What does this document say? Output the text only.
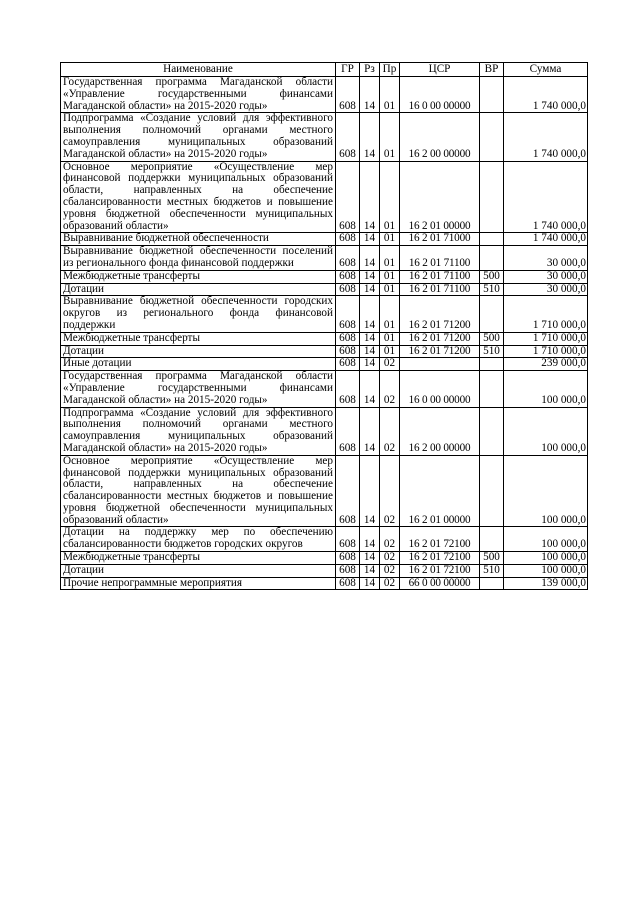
Наименование	ГР	Рз	Пр	ЦСР	ВР	Сумма
Государственная программа Магаданской области «Управление государственными финансами Магаданской области» на 2015-2020 годы»	608	14	01	16 0 00 00000		1 740 000,0
Подпрограмма «Создание условий для эффективного выполнения полномочий органами местного самоуправления муниципальных образований Магаданской области» на 2015-2020 годы»	608	14	01	16 2 00 00000		1 740 000,0
Основное мероприятие «Осуществление мер финансовой поддержки муниципальных образований области, направленных на обеспечение сбалансированности местных бюджетов и повышение уровня бюджетной обеспеченности муниципальных образований области»	608	14	01	16 2 01 00000		1 740 000,0
Выравнивание бюджетной обеспеченности	608	14	01	16 2 01 71000		1 740 000,0
Выравнивание бюджетной обеспеченности поселений из регионального фонда финансовой поддержки	608	14	01	16 2 01 71100		30 000,0
Межбюджетные трансферты	608	14	01	16 2 01 71100	500	30 000,0
Дотации	608	14	01	16 2 01 71100	510	30 000,0
Выравнивание бюджетной обеспеченности городских округов из регионального фонда финансовой поддержки	608	14	01	16 2 01 71200		1 710 000,0
Межбюджетные трансферты	608	14	01	16 2 01 71200	500	1 710 000,0
Дотации	608	14	01	16 2 01 71200	510	1 710 000,0
Иные дотации	608	14	02			239 000,0
Государственная программа Магаданской области «Управление государственными финансами Магаданской области» на 2015-2020 годы»	608	14	02	16 0 00 00000		100 000,0
Подпрограмма «Создание условий для эффективного выполнения полномочий органами местного самоуправления муниципальных образований Магаданской области» на 2015-2020 годы»	608	14	02	16 2 00 00000		100 000,0
Основное мероприятие «Осуществление мер финансовой поддержки муниципальных образований области, направленных на обеспечение сбалансированности местных бюджетов и повышение уровня бюджетной обеспеченности муниципальных образований области»	608	14	02	16 2 01 00000		100 000,0
Дотации на поддержку мер по обеспечению сбалансированности бюджетов городских округов	608	14	02	16 2 01 72100		100 000,0
Межбюджетные трансферты	608	14	02	16 2 01 72100	500	100 000,0
Дотации	608	14	02	16 2 01 72100	510	100 000,0
Прочие непрограммные мероприятия	608	14	02	66 0 00 00000		139 000,0
